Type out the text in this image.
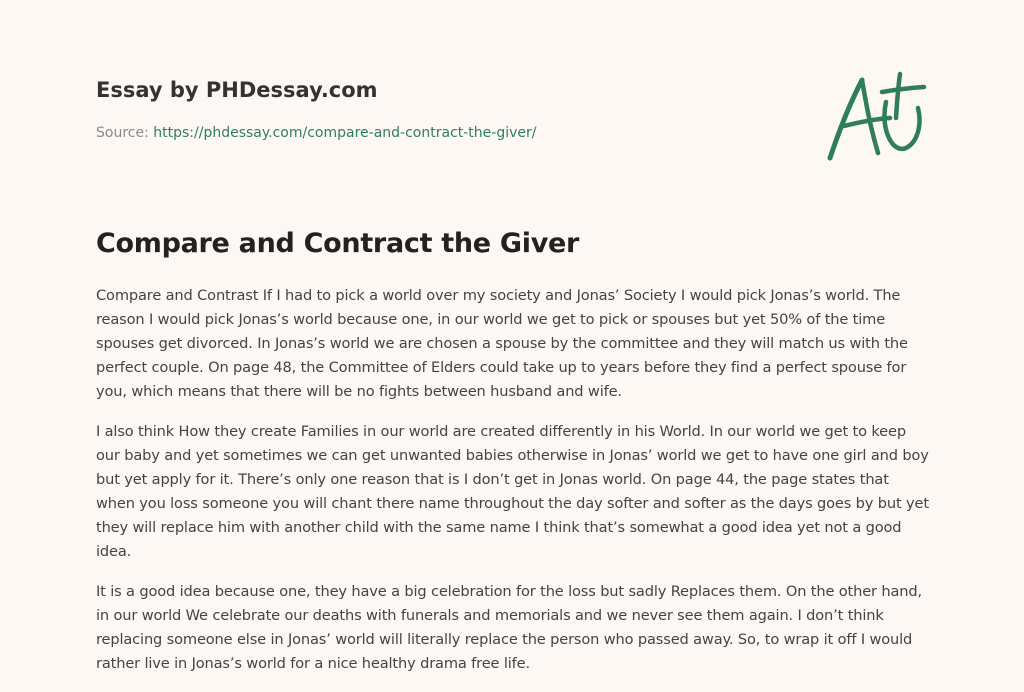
Essay by PHDessay.com
Source: https://phdessay.com/compare-and-contract-the-giver/
Compare and Contract the Giver

Compare and Contrast If I had to pick a world over my society and Jonas’ Society I would pick Jonas’s world. The reason I would pick Jonas’s world because one, in our world we get to pick or spouses but yet 50% of the time spouses get divorced. In Jonas’s world we are chosen a spouse by the committee and they will match us with the perfect couple. On page 48, the Committee of Elders could take up to years before they find a perfect spouse for you, which means that there will be no fights between husband and wife.

I also think How they create Families in our world are created differently in his World. In our world we get to keep our baby and yet sometimes we can get unwanted babies otherwise in Jonas’ world we get to have one girl and boy but yet apply for it. There’s only one reason that is I don’t get in Jonas world. On page 44, the page states that when you loss someone you will chant there name throughout the day softer and softer as the days goes by but yet they will replace him with another child with the same name I think that’s somewhat a good idea yet not a good idea.

It is a good idea because one, they have a big celebration for the loss but sadly Replaces them. On the other hand, in our world We celebrate our deaths with funerals and memorials and we never see them again. I don’t think replacing someone else in Jonas’ world will literally replace the person who passed away. So, to wrap it off I would rather live in Jonas’s world for a nice healthy drama free life.
